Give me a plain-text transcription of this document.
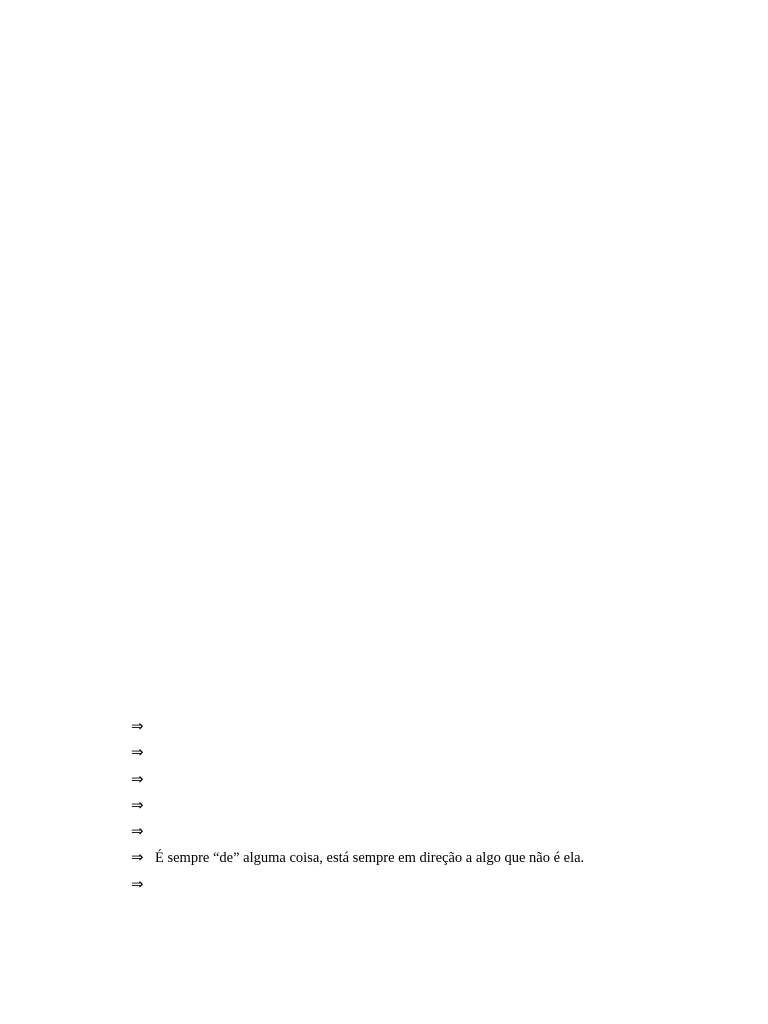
⇒
⇒
⇒
⇒
⇒
⇒ É sempre “de” alguma coisa, está sempre em direção a algo que não é ela.
⇒
